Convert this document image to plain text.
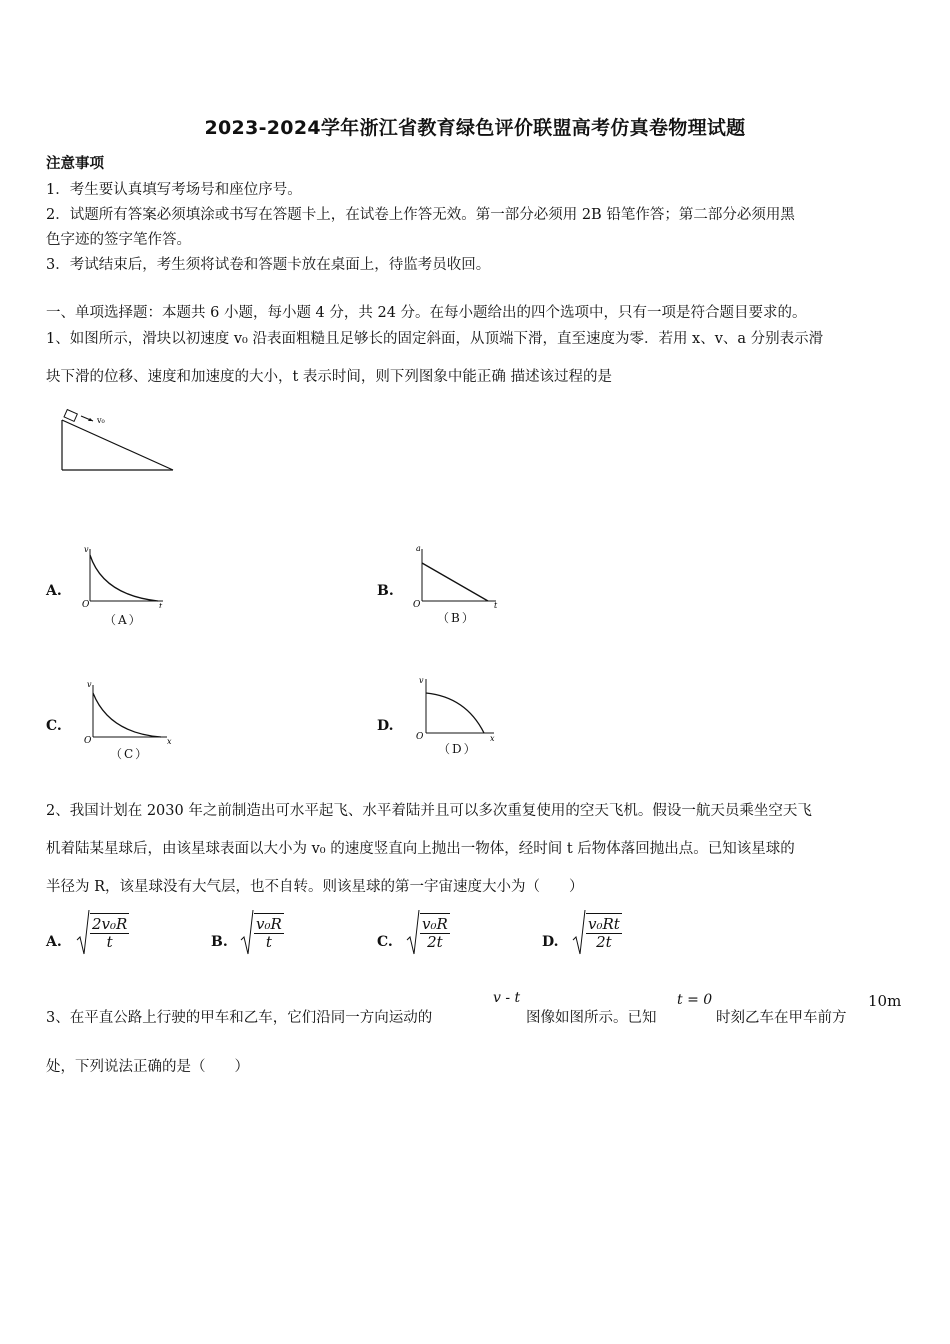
2023-2024学年浙江省教育绿色评价联盟高考仿真卷物理试题
注意事项
1．考生要认真填写考场号和座位序号。
2．试题所有答案必须填涂或书写在答题卡上，在试卷上作答无效。第一部分必须用 2B 铅笔作答；第二部分必须用黑
色字迹的签字笔作答。
3．考试结束后，考生须将试卷和答题卡放在桌面上，待监考员收回。
一、单项选择题：本题共 6 小题，每小题 4 分，共 24 分。在每小题给出的四个选项中，只有一项是符合题目要求的。
1、如图所示，滑块以初速度 v₀ 沿表面粗糙且足够长的固定斜面，从顶端下滑，直至速度为零．若用 x、v、a 分别表示滑
块下滑的位移、速度和加速度的大小，t 表示时间，则下列图象中能正确 描述该过程的是
v₀
A.
v
t
O
（A）
B.
a
t
O
（B）
C.
v
x
O
（C）
D.
v
x
O
（D）
2、我国计划在 2030 年之前制造出可水平起飞、水平着陆并且可以多次重复使用的空天飞机。假设一航天员乘坐空天飞
机着陆某星球后，由该星球表面以大小为 v₀ 的速度竖直向上抛出一物体，经时间 t 后物体落回抛出点。已知该星球的
半径为 R，该星球没有大气层，也不自转。则该星球的第一宇宙速度大小为（　　）
A. $\frac{\text{2v₀R}}{t}$	B. $\frac{\text{v₀R}}{t}$	C. $\frac{\text{v₀R}}{2t}$	D. $\frac{\text{v₀Rt}}{2t}$
3、在平直公路上行驶的甲车和乙车，它们沿同一方向运动的
v - t
图像如图所示。已知
t = 0
时刻乙车在甲车前方
10m
处，下列说法正确的是（　　）
